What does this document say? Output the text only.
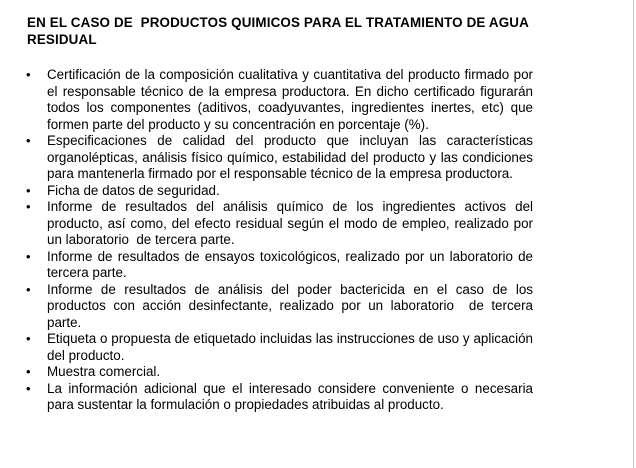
EN EL CASO DE  PRODUCTOS QUIMICOS PARA EL TRATAMIENTO DE AGUA RESIDUAL
• Certificación de la composición cualitativa y cuantitativa del producto firmado por el responsable técnico de la empresa productora. En dicho certificado figurarán todos los componentes (aditivos, coadyuvantes, ingredientes inertes, etc) que formen parte del producto y su concentración en porcentaje (%).
• Especificaciones de calidad del producto que incluyan las características organolépticas, análisis físico químico, estabilidad del producto y las condiciones para mantenerla firmado por el responsable técnico de la empresa productora.
• Ficha de datos de seguridad.
• Informe de resultados del análisis químico de los ingredientes activos del producto, así como, del efecto residual según el modo de empleo, realizado por un laboratorio  de tercera parte.
• Informe de resultados de ensayos toxicológicos, realizado por un laboratorio de tercera parte.
• Informe de resultados de análisis del poder bactericida en el caso de los productos con acción desinfectante, realizado por un laboratorio  de tercera parte.
• Etiqueta o propuesta de etiquetado incluidas las instrucciones de uso y aplicación del producto.
• Muestra comercial.
• La información adicional que el interesado considere conveniente o necesaria para sustentar la formulación o propiedades atribuidas al producto.
